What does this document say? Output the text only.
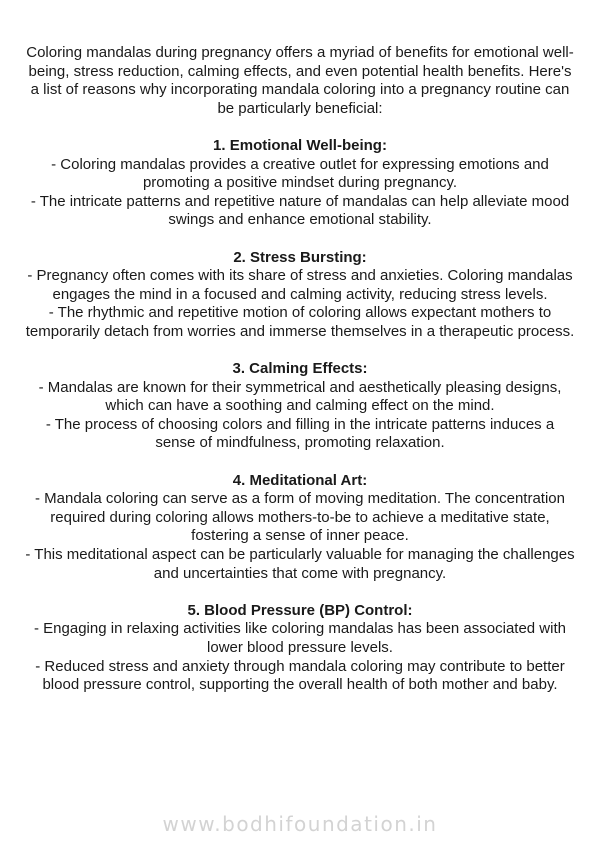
Coloring mandalas during pregnancy offers a myriad of benefits for emotional well-being, stress reduction, calming effects, and even potential health benefits. Here's a list of reasons why incorporating mandala coloring into a pregnancy routine can be particularly beneficial:

1. Emotional Well-being:

- Coloring mandalas provides a creative outlet for expressing emotions and promoting a positive mindset during pregnancy.

- The intricate patterns and repetitive nature of mandalas can help alleviate mood swings and enhance emotional stability.

2. Stress Bursting:

- Pregnancy often comes with its share of stress and anxieties. Coloring mandalas engages the mind in a focused and calming activity, reducing stress levels.

- The rhythmic and repetitive motion of coloring allows expectant mothers to temporarily detach from worries and immerse themselves in a therapeutic process.

3. Calming Effects:

- Mandalas are known for their symmetrical and aesthetically pleasing designs, which can have a soothing and calming effect on the mind.

- The process of choosing colors and filling in the intricate patterns induces a sense of mindfulness, promoting relaxation.

4. Meditational Art:

- Mandala coloring can serve as a form of moving meditation. The concentration required during coloring allows mothers-to-be to achieve a meditative state, fostering a sense of inner peace.

- This meditational aspect can be particularly valuable for managing the challenges and uncertainties that come with pregnancy.

5. Blood Pressure (BP) Control:

- Engaging in relaxing activities like coloring mandalas has been associated with lower blood pressure levels.

- Reduced stress and anxiety through mandala coloring may contribute to better blood pressure control, supporting the overall health of both mother and baby.

www.bodhifoundation.in
